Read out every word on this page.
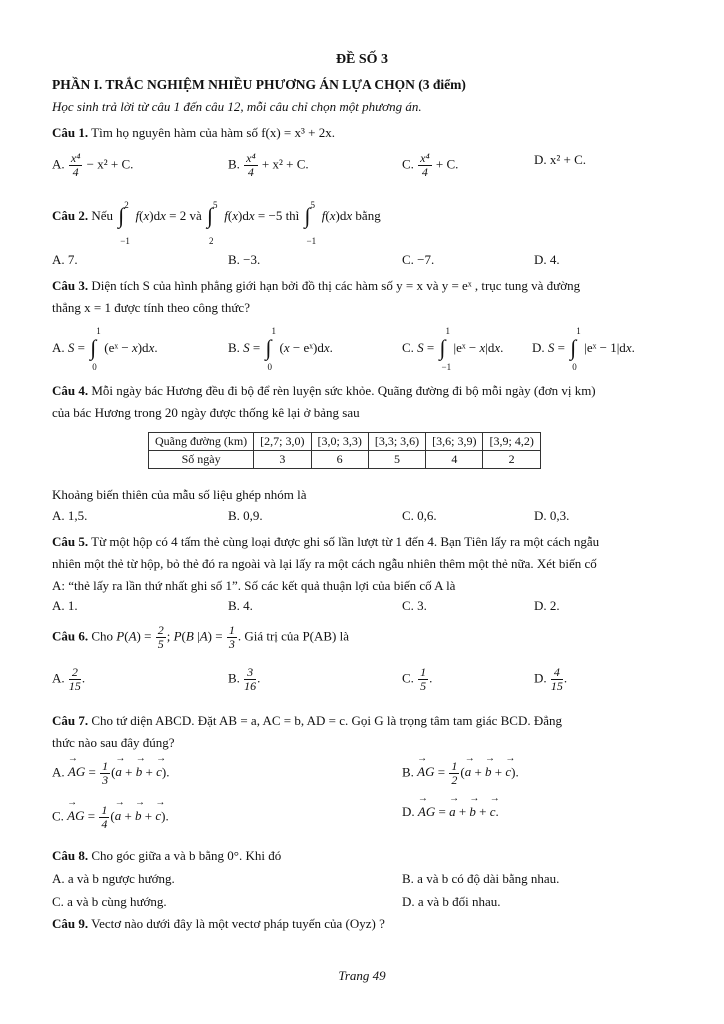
ĐỀ SỐ 3
PHẦN I. TRẮC NGHIỆM NHIỀU PHƯƠNG ÁN LỰA CHỌN (3 điểm)
Học sinh trả lời từ câu 1 đến câu 12, mỗi câu chỉ chọn một phương án.
Câu 1. Tìm họ nguyên hàm của hàm số f(x) = x³ + 2x.
A. $\frac{\text{x⁴}}{4} - x^2 + C$.	B. $\frac{\text{x⁴}}{4} + x^2 + C$.	C. $\frac{\text{x⁴}}{4} + C$.	D. x² + C.
Câu 2. Nếu
2
∫
−1
f(x)dx = 2 và
5
∫
2
f(x)dx = −5 thì
5
∫
−1
f(x)dx bằng
A. 7.	B. −3.	C. −7.	D. 4.
Câu 3. Diện tích S của hình phẳng giới hạn bởi đồ thị các hàm số y = x và y = eˣ , trục tung và đường
thẳng x = 1 được tính theo công thức?
A. S =
1
∫
0
(eˣ − x)dx.	B. S =
1
∫
0
(x − eˣ)dx.	C. S =
1
∫
−1
|eˣ − x|dx. D. S =
1
∫
0
|eˣ − 1|dx.
Câu 4. Mỗi ngày bác Hương đều đi bộ để rèn luyện sức khỏe. Quãng đường đi bộ mỗi ngày (đơn vị km)
của bác Hương trong 20 ngày được thống kê lại ở bảng sau
Quãng đường (km)	[2,7; 3,0)	[3,0; 3,3)	[3,3; 3,6)	[3,6; 3,9)	[3,9; 4,2)
Số ngày	3	6	5	4	2
Khoảng biến thiên của mẫu số liệu ghép nhóm là
A. 1,5.	B. 0,9.	C. 0,6.	D. 0,3.
Câu 5. Từ một hộp có 4 tấm thẻ cùng loại được ghi số lần lượt từ 1 đến 4. Bạn Tiên lấy ra một cách ngẫu
nhiên một thẻ từ hộp, bỏ thẻ đó ra ngoài và lại lấy ra một cách ngẫu nhiên thêm một thẻ nữa. Xét biến cố
A: “thẻ lấy ra lần thứ nhất ghi số 1”. Số các kết quả thuận lợi của biến cố A là
A. 1.	B. 4.	C. 3.	D. 2.
Câu 6. Cho $P(A) = \frac{2}{5}$ ; P(B $|A) = \frac{1}{3}$ . Giá trị của P(AB) là
A. $\frac{2}{15}$ .	B. $\frac{3}{16}$ .	C. $\frac{1}{5}$ .	D. $\frac{4}{15}$ .
Câu 7. Cho tứ diện ABCD. Đặt AB = a, AC = b, AD = c. Gọi G là trọng tâm tam giác BCD. Đẳng
thức nào sau đây đúng?
A. → AG = $\frac{1}{3}$ (→ a + → b + → c).	B. → AG = $\frac{1}{2}$ (→ a + → b + → c).
C. → AG = $\frac{1}{4}$ (→ a + → b + → c).	D. → AG = → a + → b + → c.
Câu 8. Cho góc giữa a và b bằng 0°. Khi đó
A. a và b ngược hướng.	B. a và b có độ dài bằng nhau.
C. a và b cùng hướng.	D. a và b đối nhau.
Câu 9. Vectơ nào dưới đây là một vectơ pháp tuyến của (Oyz) ?
Trang 49
